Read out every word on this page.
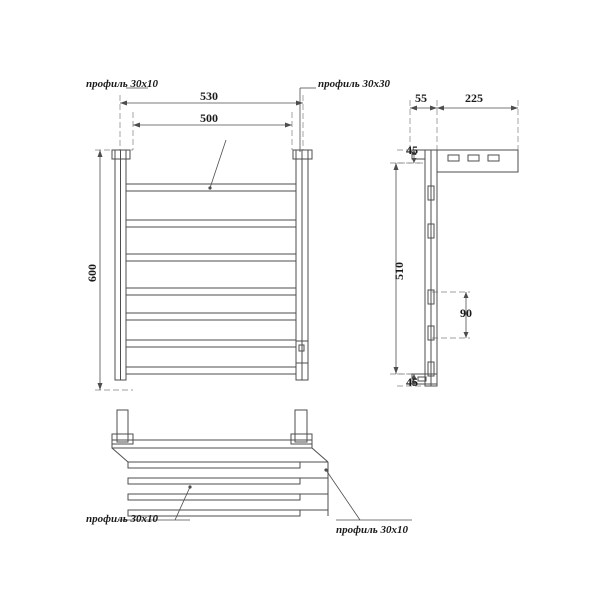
профиль 30x10	профиль 30x30
530
500
600
55	225
45
510
90
45
профиль 30x10
профиль 30x10
